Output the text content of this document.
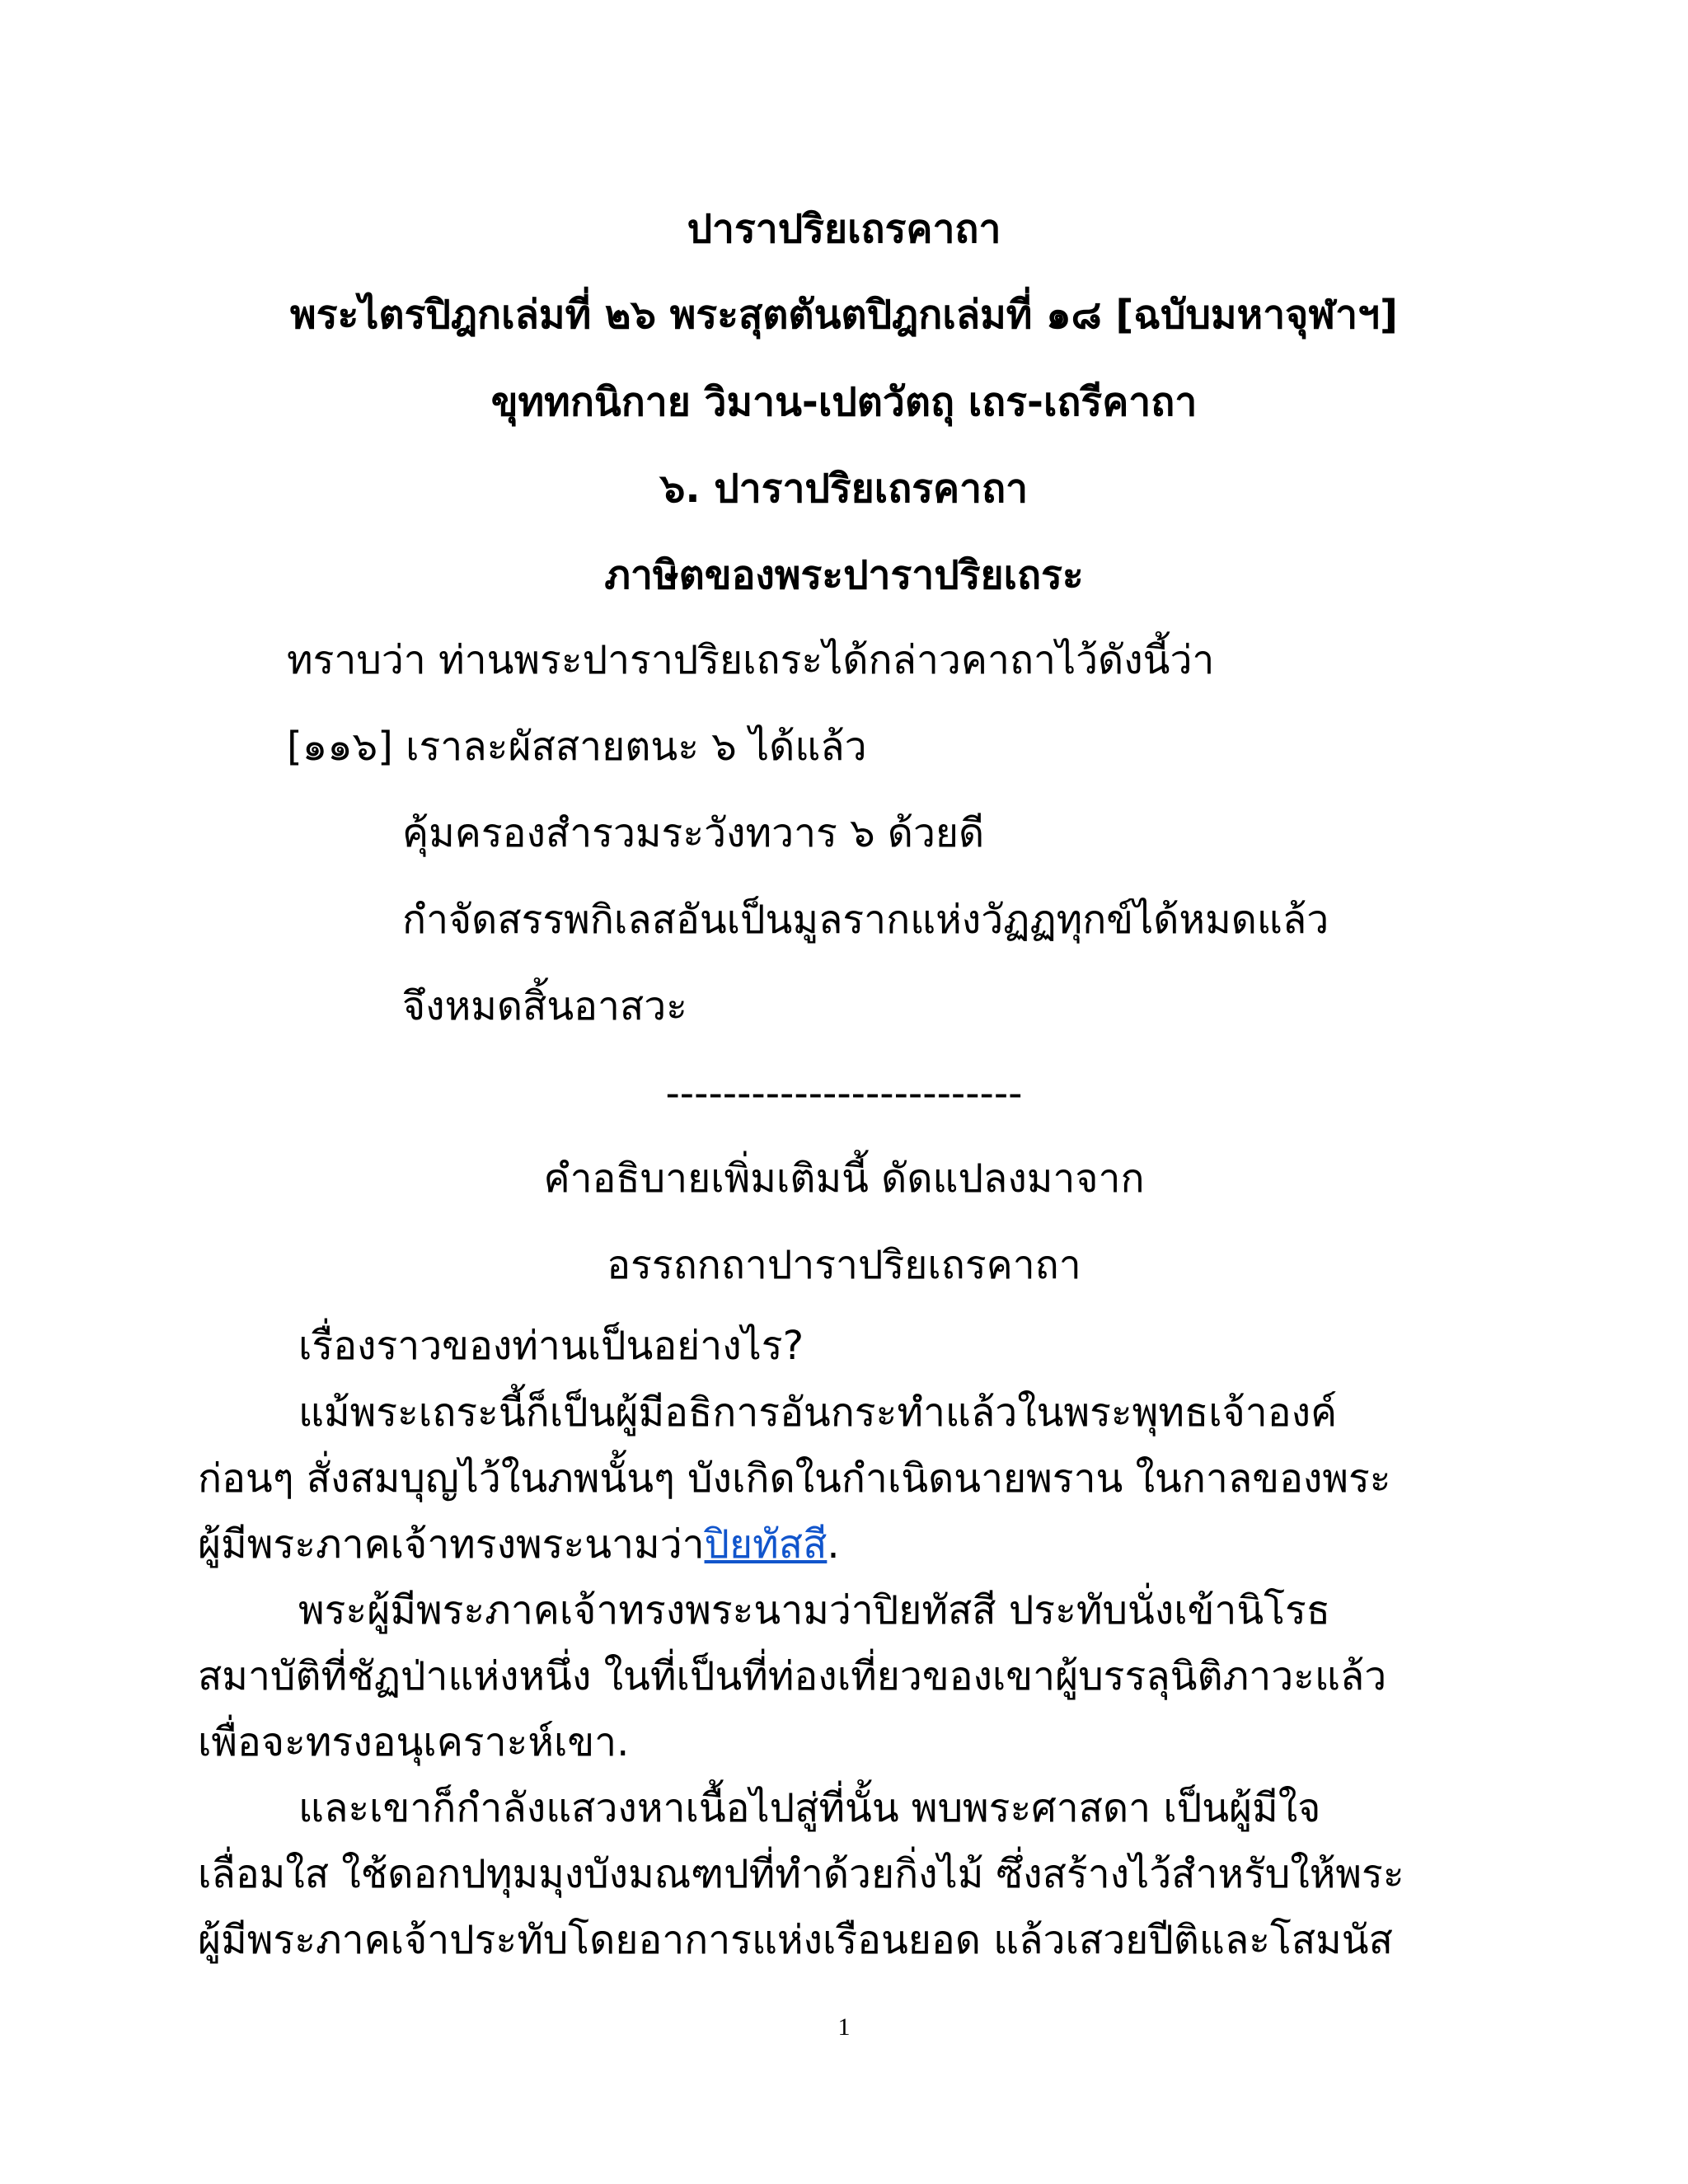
ปาราปริยเถรคาถา
พระไตรปิฎกเล่มที่ ๒๖ พระสุตตันตปิฎกเล่มที่ ๑๘ [ฉบับมหาจุฬาฯ]
ขุททกนิกาย วิมาน-เปตวัตถุ เถร-เถรีคาถา
๖. ปาราปริยเถรคาถา
ภาษิตของพระปาราปริยเถระ
ทราบว่า ท่านพระปาราปริยเถระได้กล่าวคาถาไว้ดังนี้ว่า
[๑๑๖] เราละผัสสายตนะ ๖ ได้แล้ว
คุ้มครองสำรวมระวังทวาร ๖ ด้วยดี
กำจัดสรรพกิเลสอันเป็นมูลรากแห่งวัฏฏทุกข์ได้หมดแล้ว
จึงหมดสิ้นอาสวะ
-------------------------
คำอธิบายเพิ่มเติมนี้ ดัดแปลงมาจาก
อรรถกถาปาราปริยเถรคาถา
เรื่องราวของท่านเป็นอย่างไร?
แม้พระเถระนี้ก็เป็นผู้มีอธิการอันกระทำแล้วในพระพุทธเจ้าองค์
ก่อนๆ สั่งสมบุญไว้ในภพนั้นๆ บังเกิดในกำเนิดนายพราน ในกาลของพระ
ผู้มีพระภาคเจ้าทรงพระนามว่าปิยทัสสี.
พระผู้มีพระภาคเจ้าทรงพระนามว่าปิยทัสสี ประทับนั่งเข้านิโรธ
สมาบัติที่ชัฏป่าแห่งหนึ่ง ในที่เป็นที่ท่องเที่ยวของเขาผู้บรรลุนิติภาวะแล้ว
เพื่อจะทรงอนุเคราะห์เขา.
และเขาก็กำลังแสวงหาเนื้อไปสู่ที่นั้น พบพระศาสดา เป็นผู้มีใจ
เลื่อมใส ใช้ดอกปทุมมุงบังมณฑปที่ทำด้วยกิ่งไม้ ซึ่งสร้างไว้สำหรับให้พระ
ผู้มีพระภาคเจ้าประทับโดยอาการแห่งเรือนยอด แล้วเสวยปีติและโสมนัส
1
